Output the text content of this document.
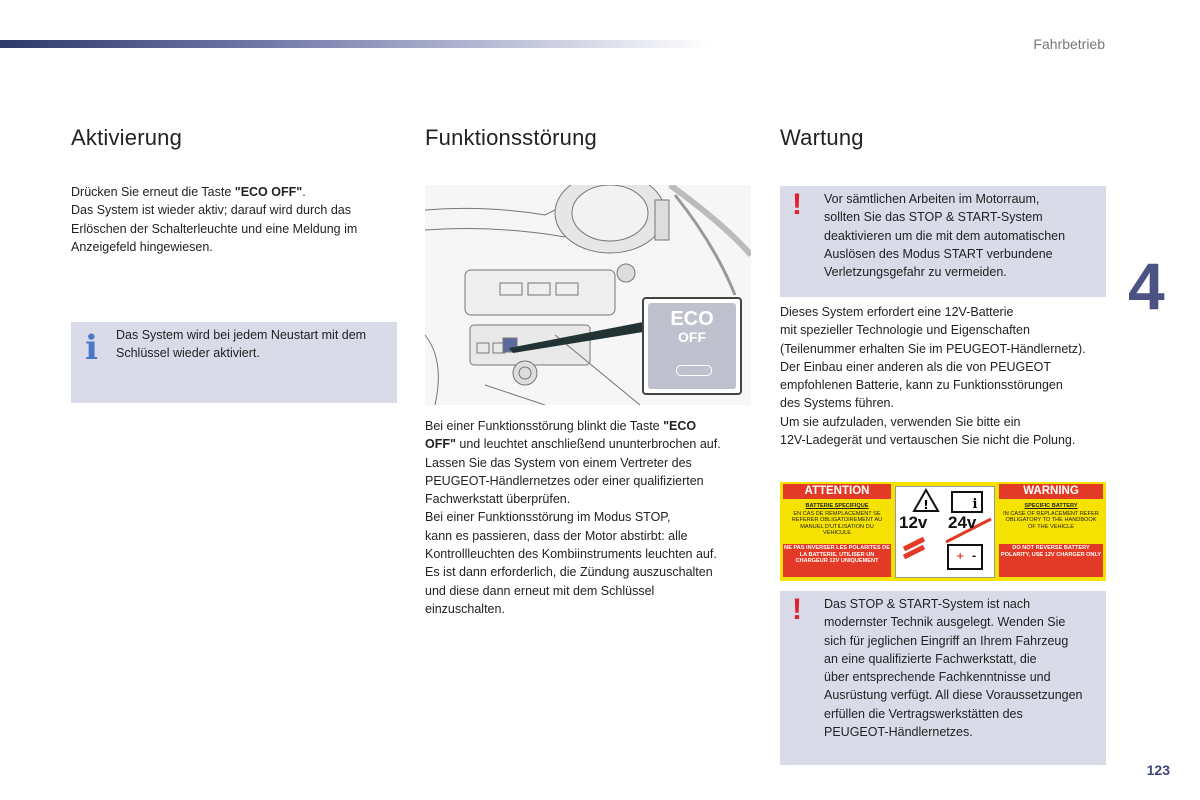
Fahrbetrieb
4
123
Aktivierung

Drücken Sie erneut die Taste "ECO OFF".

Das System ist wieder aktiv; darauf wird durch das

Erlöschen der Schalterleuchte und eine Meldung im

Anzeigefeld hingewiesen.

i Das System wird bei jedem Neustart mit dem
Schlüssel wieder aktiviert.
Funktionsstörung
ECO
OFF

Bei einer Funktionsstörung blinkt die Taste "ECO

OFF" und leuchtet anschließend ununterbrochen auf.

Lassen Sie das System von einem Vertreter des

PEUGEOT-Händlernetzes oder einer qualifizierten

Fachwerkstatt überprüfen.

Bei einer Funktionsstörung im Modus STOP,

kann es passieren, dass der Motor abstirbt: alle

Kontrollleuchten des Kombiinstruments leuchten auf.

Es ist dann erforderlich, die Zündung auszuschalten

und diese dann erneut mit dem Schlüssel

einzuschalten.

Wartung
! Vor sämtlichen Arbeiten im Motorraum,
sollten Sie das STOP & START-System
deaktivieren um die mit dem automatischen
Auslösen des Modus START verbundene
Verletzungsgefahr zu vermeiden.

Dieses System erfordert eine 12V-Batterie

mit spezieller Technologie und Eigenschaften

(Teilenummer erhalten Sie im PEUGEOT-Händlernetz).

Der Einbau einer anderen als die von PEUGEOT

empfohlenen Batterie, kann zu Funktionsstörungen

des Systems führen.

Um sie aufzuladen, verwenden Sie bitte ein

12V-Ladegerät und vertauschen Sie nicht die Polung.

ATTENTION	WARNING
BATTERIE SPECIFIQUE
EN CAS DE REMPLACEMENT SE REFERER OBLIGATOIREMENT AU MANUEL D'UTILISATION DU VEHICULE
SPECIFIC BATTERY
IN CASE OF REPLACEMENT REFER OBLIGATORY TO THE HANDBOOK OF THE VEHICLE
NE PAS INVERSER LES POLARITES DE LA BATTERIE, UTILISER UN CHARGEUR 12V UNIQUEMENT
DO NOT REVERSE BATTERY POLARITY, USE 12V CHARGER ONLY
!	i
+ -
12v 24v
! Das STOP & START-System ist nach
modernster Technik ausgelegt. Wenden Sie
sich für jeglichen Eingriff an Ihrem Fahrzeug
an eine qualifizierte Fachwerkstatt, die
über entsprechende Fachkenntnisse und
Ausrüstung verfügt. All diese Voraussetzungen
erfüllen die Vertragswerkstätten des
PEUGEOT-Händlernetzes.
